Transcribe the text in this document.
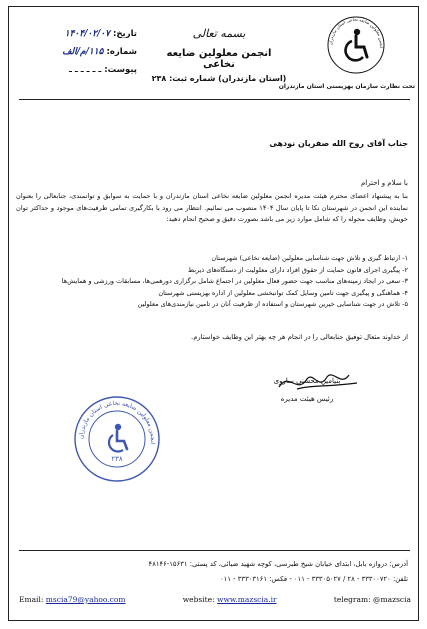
تاریخ:
۱۴۰۴/۰۲/۰۷
شماره:
۱۱۵/م/الف
پیوست:
ـ ـ ـ ـ ـ ـ
بسمه تعالی
انجمن معلولین ضایعه نخاعی
(استان مازندران) شماره ثبت: ۲۳۸
انجمن معلولین ضایعه نخاعی استان مازندران
تحت نظارت سازمان بهزیستی استان مازندران
جناب آقای روح الله صفریان نودهی
با سلام و احترام
بنا به پیشنهاد اعضای محترم هیئت مدیره انجمن معلولین ضایعه نخاعی استان مازندران و با حمایت به سوابق و توانمندی، جنابعالی را بعنوان نماینده این انجمن در شهرستان نکا تا پایان سال ۱۴۰۴ منصوب می نمائیم. انتظار می رود با بکارگیری تمامی ظرفیت‌های موجود و حداکثر توان خویش، وظایف محوله را که شامل موارد زیر می باشد بصورت دقیق و صحیح انجام دهید:
۱- ارتباط گیری و تلاش جهت شناسایی معلولین (ضایعه نخاعی) شهرستان
۲- پیگیری اجرای قانون حمایت از حقوق افراد دارای معلولیت از دستگاه‌های ذیربط
۳- سعی در ایجاد زمینه‌های مناسب جهت حضور فعال معلولین در اجتماع شامل برگزاری دورهمی‌ها، مسابقات ورزشی و همایش‌ها
۴- هماهنگی و پیگیری جهت تامین وسایل کمک توانبخشی معلولین از اداره بهزیستی شهرستان
۵- تلاش در جهت شناسایی خیرین شهرستان و استفاده از ظرفیت آنان در تامین نیازمندی‌های معلولین
از خداوند متعال توفیق جنابعالی را در انجام هر چه بهتر این وظایف خواستارم.
بنیامین محسنی ساروی
رئیس هیئت مدیره
انجمن معلولین ضایعه نخاعی استان مازندران
۲۳۸
آدرس: دروازه بابل، ابتدای خیابان شیخ طبرسی، کوچه شهید ضیائی، کد پستی: ۱۵۶۳۱-۴۸۱۴۶
تلفن: ۳۳۳۰۰۷۲۰ - ۲۸ / ۳۳۳۰۵۰۲۷ - ۰۱۱ - فکس: ۳۳۳۰۳۱۶۱ - ۰۱۱
Email: mscia79@yahoo.com	website: www.mazscia.ir	telegram: @mazscia
